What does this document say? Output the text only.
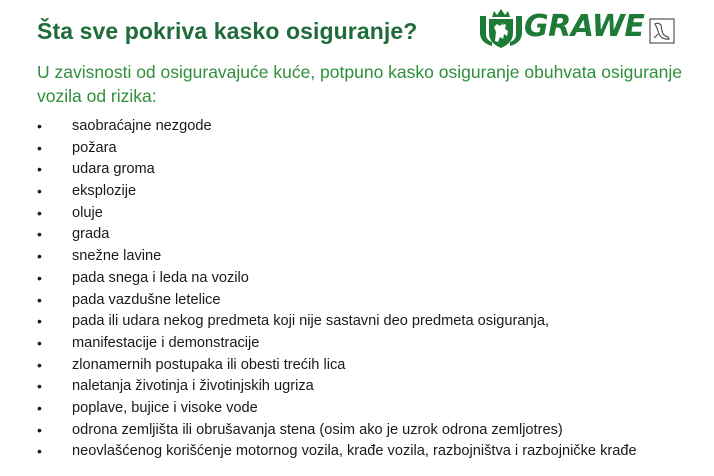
Šta sve pokriva kasko osiguranje?	GRAWE
U zavisnosti od osiguravajuće kuće, potpuno kasko osiguranje obuhvata osiguranje vozila od rizika:
• saobraćajne nezgode
• požara
• udara groma
• eksplozije
• oluje
• grada
• snežne lavine
• pada snega i leda na vozilo
• pada vazdušne letelice
• pada ili udara nekog predmeta koji nije sastavni deo predmeta osiguranja,
• manifestacije i demonstracije
• zlonamernih postupaka ili obesti trećih lica
• naletanja životinja i životinjskih ugriza
• poplave, bujice i visoke vode
• odrona zemljišta ili obrušavanja stena (osim ako je uzrok odrona zemljotres)
• neovlašćenog korišćenje motornog vozila, krađe vozila, razbojništva i razbojničke krađe
